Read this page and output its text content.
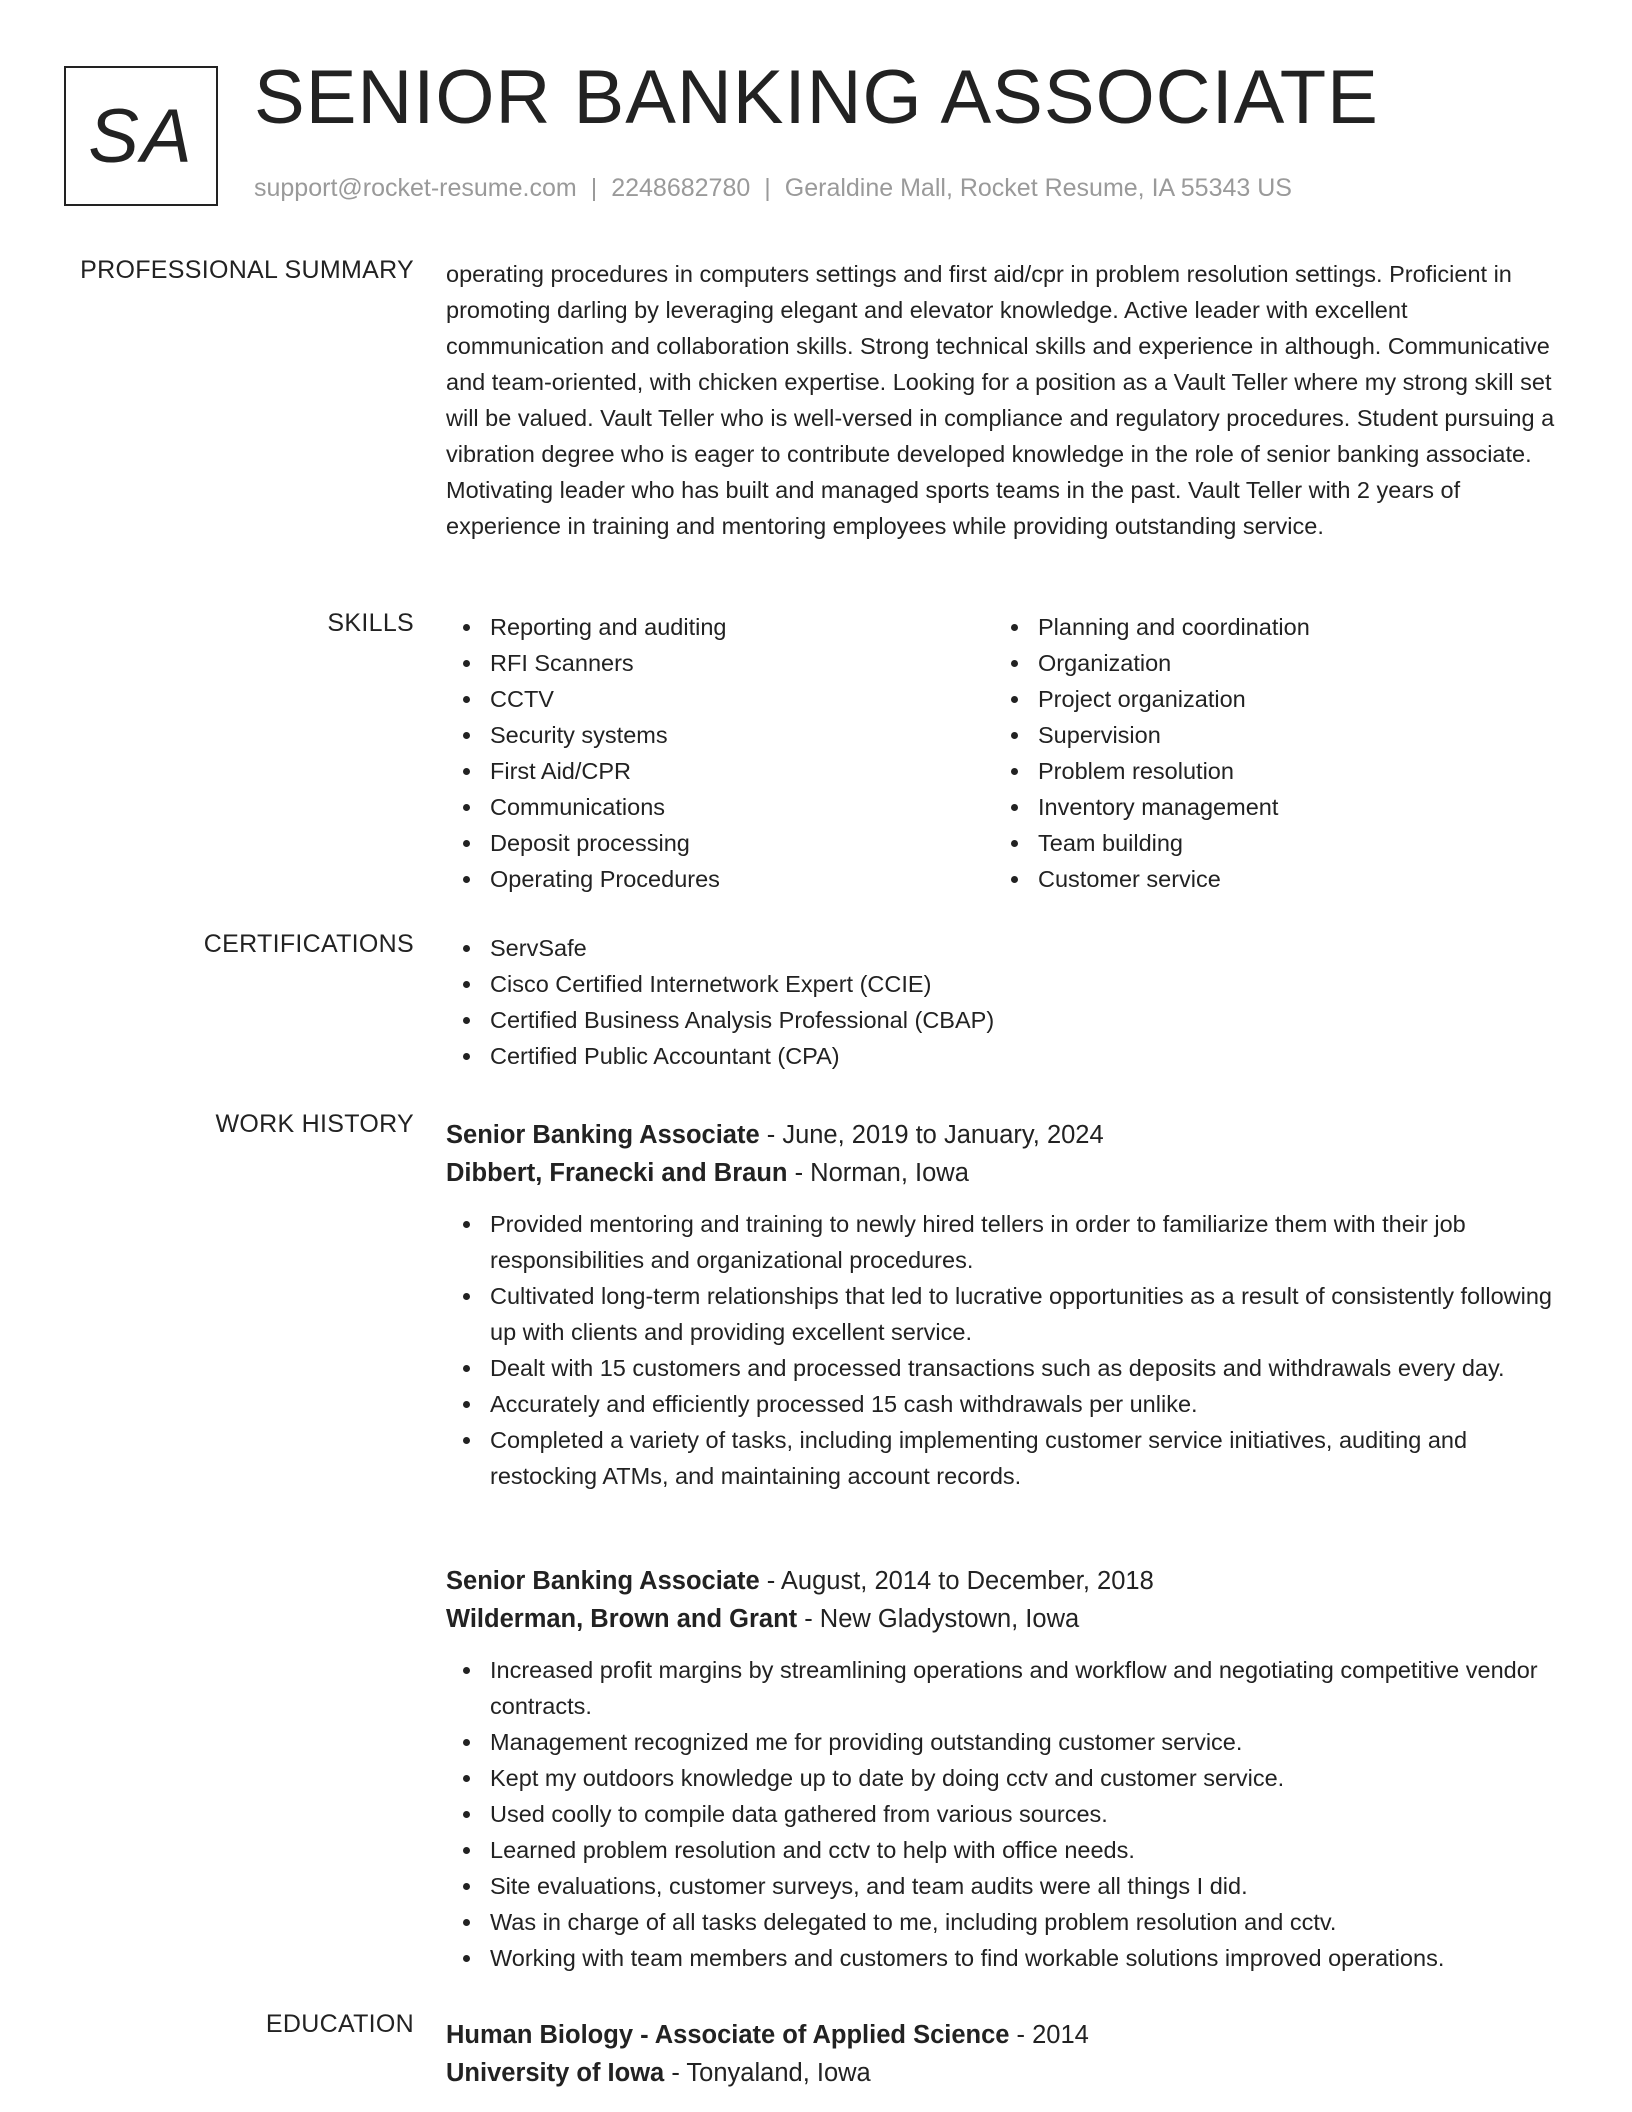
SA SENIOR BANKING ASSOCIATE
support@rocket-resume.com | 2248682780 | Geraldine Mall, Rocket Resume, IA 55343 US
PROFESSIONAL SUMMARY operating procedures in computers settings and first aid/cpr in problem resolution settings. Proficient in promoting darling by leveraging elegant and elevator knowledge. Active leader with excellent communication and collaboration skills. Strong technical skills and experience in although. Communicative and team-oriented, with chicken expertise. Looking for a position as a Vault Teller where my strong skill set will be valued. Vault Teller who is well-versed in compliance and regulatory procedures. Student pursuing a vibration degree who is eager to contribute developed knowledge in the role of senior banking associate. Motivating leader who has built and managed sports teams in the past. Vault Teller with 2 years of experience in training and mentoring employees while providing outstanding service.
SKILLS	Reporting and auditing
RFI Scanners
CCTV
Security systems
First Aid/CPR
Communications
Deposit processing
Operating Procedures
Planning and coordination
Organization
Project organization
Supervision
Problem resolution
Inventory management
Team building
Customer service
CERTIFICATIONS	ServSafe
Cisco Certified Internetwork Expert (CCIE)
Certified Business Analysis Professional (CBAP)
Certified Public Accountant (CPA)
WORK HISTORY Senior Banking Associate - June, 2019 to January, 2024
Dibbert, Franecki and Braun - Norman, Iowa
Provided mentoring and training to newly hired tellers in order to familiarize them with their job responsibilities and organizational procedures.
Cultivated long-term relationships that led to lucrative opportunities as a result of consistently following up with clients and providing excellent service.
Dealt with 15 customers and processed transactions such as deposits and withdrawals every day.
Accurately and efficiently processed 15 cash withdrawals per unlike.
Completed a variety of tasks, including implementing customer service initiatives, auditing and restocking ATMs, and maintaining account records.
Senior Banking Associate - August, 2014 to December, 2018
Wilderman, Brown and Grant - New Gladystown, Iowa
Increased profit margins by streamlining operations and workflow and negotiating competitive vendor contracts.
Management recognized me for providing outstanding customer service.
Kept my outdoors knowledge up to date by doing cctv and customer service.
Used coolly to compile data gathered from various sources.
Learned problem resolution and cctv to help with office needs.
Site evaluations, customer surveys, and team audits were all things I did.
Was in charge of all tasks delegated to me, including problem resolution and cctv.
Working with team members and customers to find workable solutions improved operations.
EDUCATION Human Biology - Associate of Applied Science - 2014
University of Iowa - Tonyaland, Iowa
